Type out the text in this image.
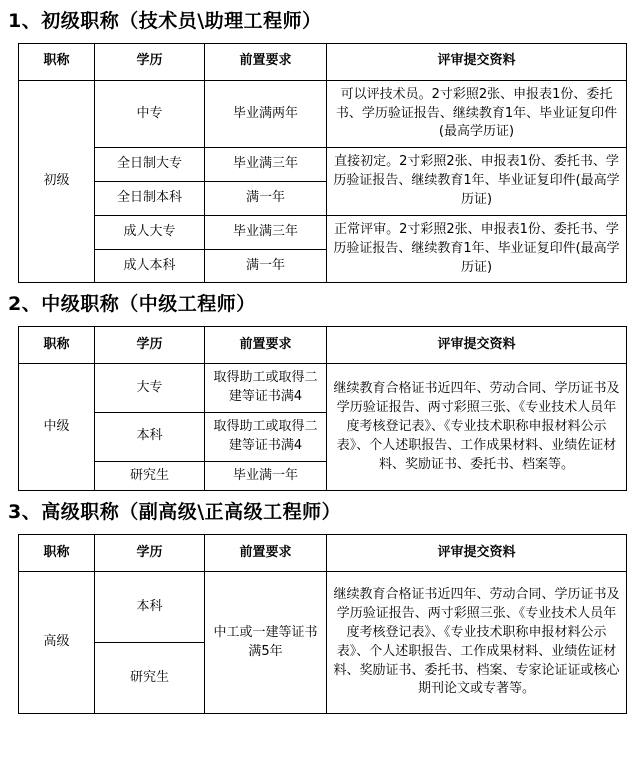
1、初级职称（技术员\助理工程师）
职称	学历	前置要求	评审提交资料
初级	中专	毕业满两年	可以评技术员。2寸彩照2张、申报表1份、委托书、学历验证报告、继续教育1年、毕业证复印件(最高学历证)
	全日制大专	毕业满三年	直接初定。2寸彩照2张、申报表1份、委托书、学历验证报告、继续教育1年、毕业证复印件(最高学历证)
	全日制本科	满一年	
	成人大专	毕业满三年	正常评审。2寸彩照2张、申报表1份、委托书、学历验证报告、继续教育1年、毕业证复印件(最高学历证)
	成人本科	满一年	
2、中级职称（中级工程师）
职称	学历	前置要求	评审提交资料
中级	大专	取得助工或取得二建等证书满4	继续教育合格证书近四年、劳动合同、学历证书及学历验证报告、两寸彩照三张、《专业技术人员年度考核登记表》、《专业技术职称申报材料公示表》、个人述职报告、工作成果材料、业绩佐证材料、奖励证书、委托书、档案等。
	本科	取得助工或取得二建等证书满4	
	研究生	毕业满一年	
3、高级职称（副高级\正高级工程师）
职称	学历	前置要求	评审提交资料
高级	本科	中工或一建等证书满5年	继续教育合格证书近四年、劳动合同、学历证书及学历验证报告、两寸彩照三张、《专业技术人员年度考核登记表》、《专业技术职称申报材料公示表》、个人述职报告、工作成果材料、业绩佐证材料、奖励证书、委托书、档案、专家论证证或核心期刊论文或专著等。
	研究生		
